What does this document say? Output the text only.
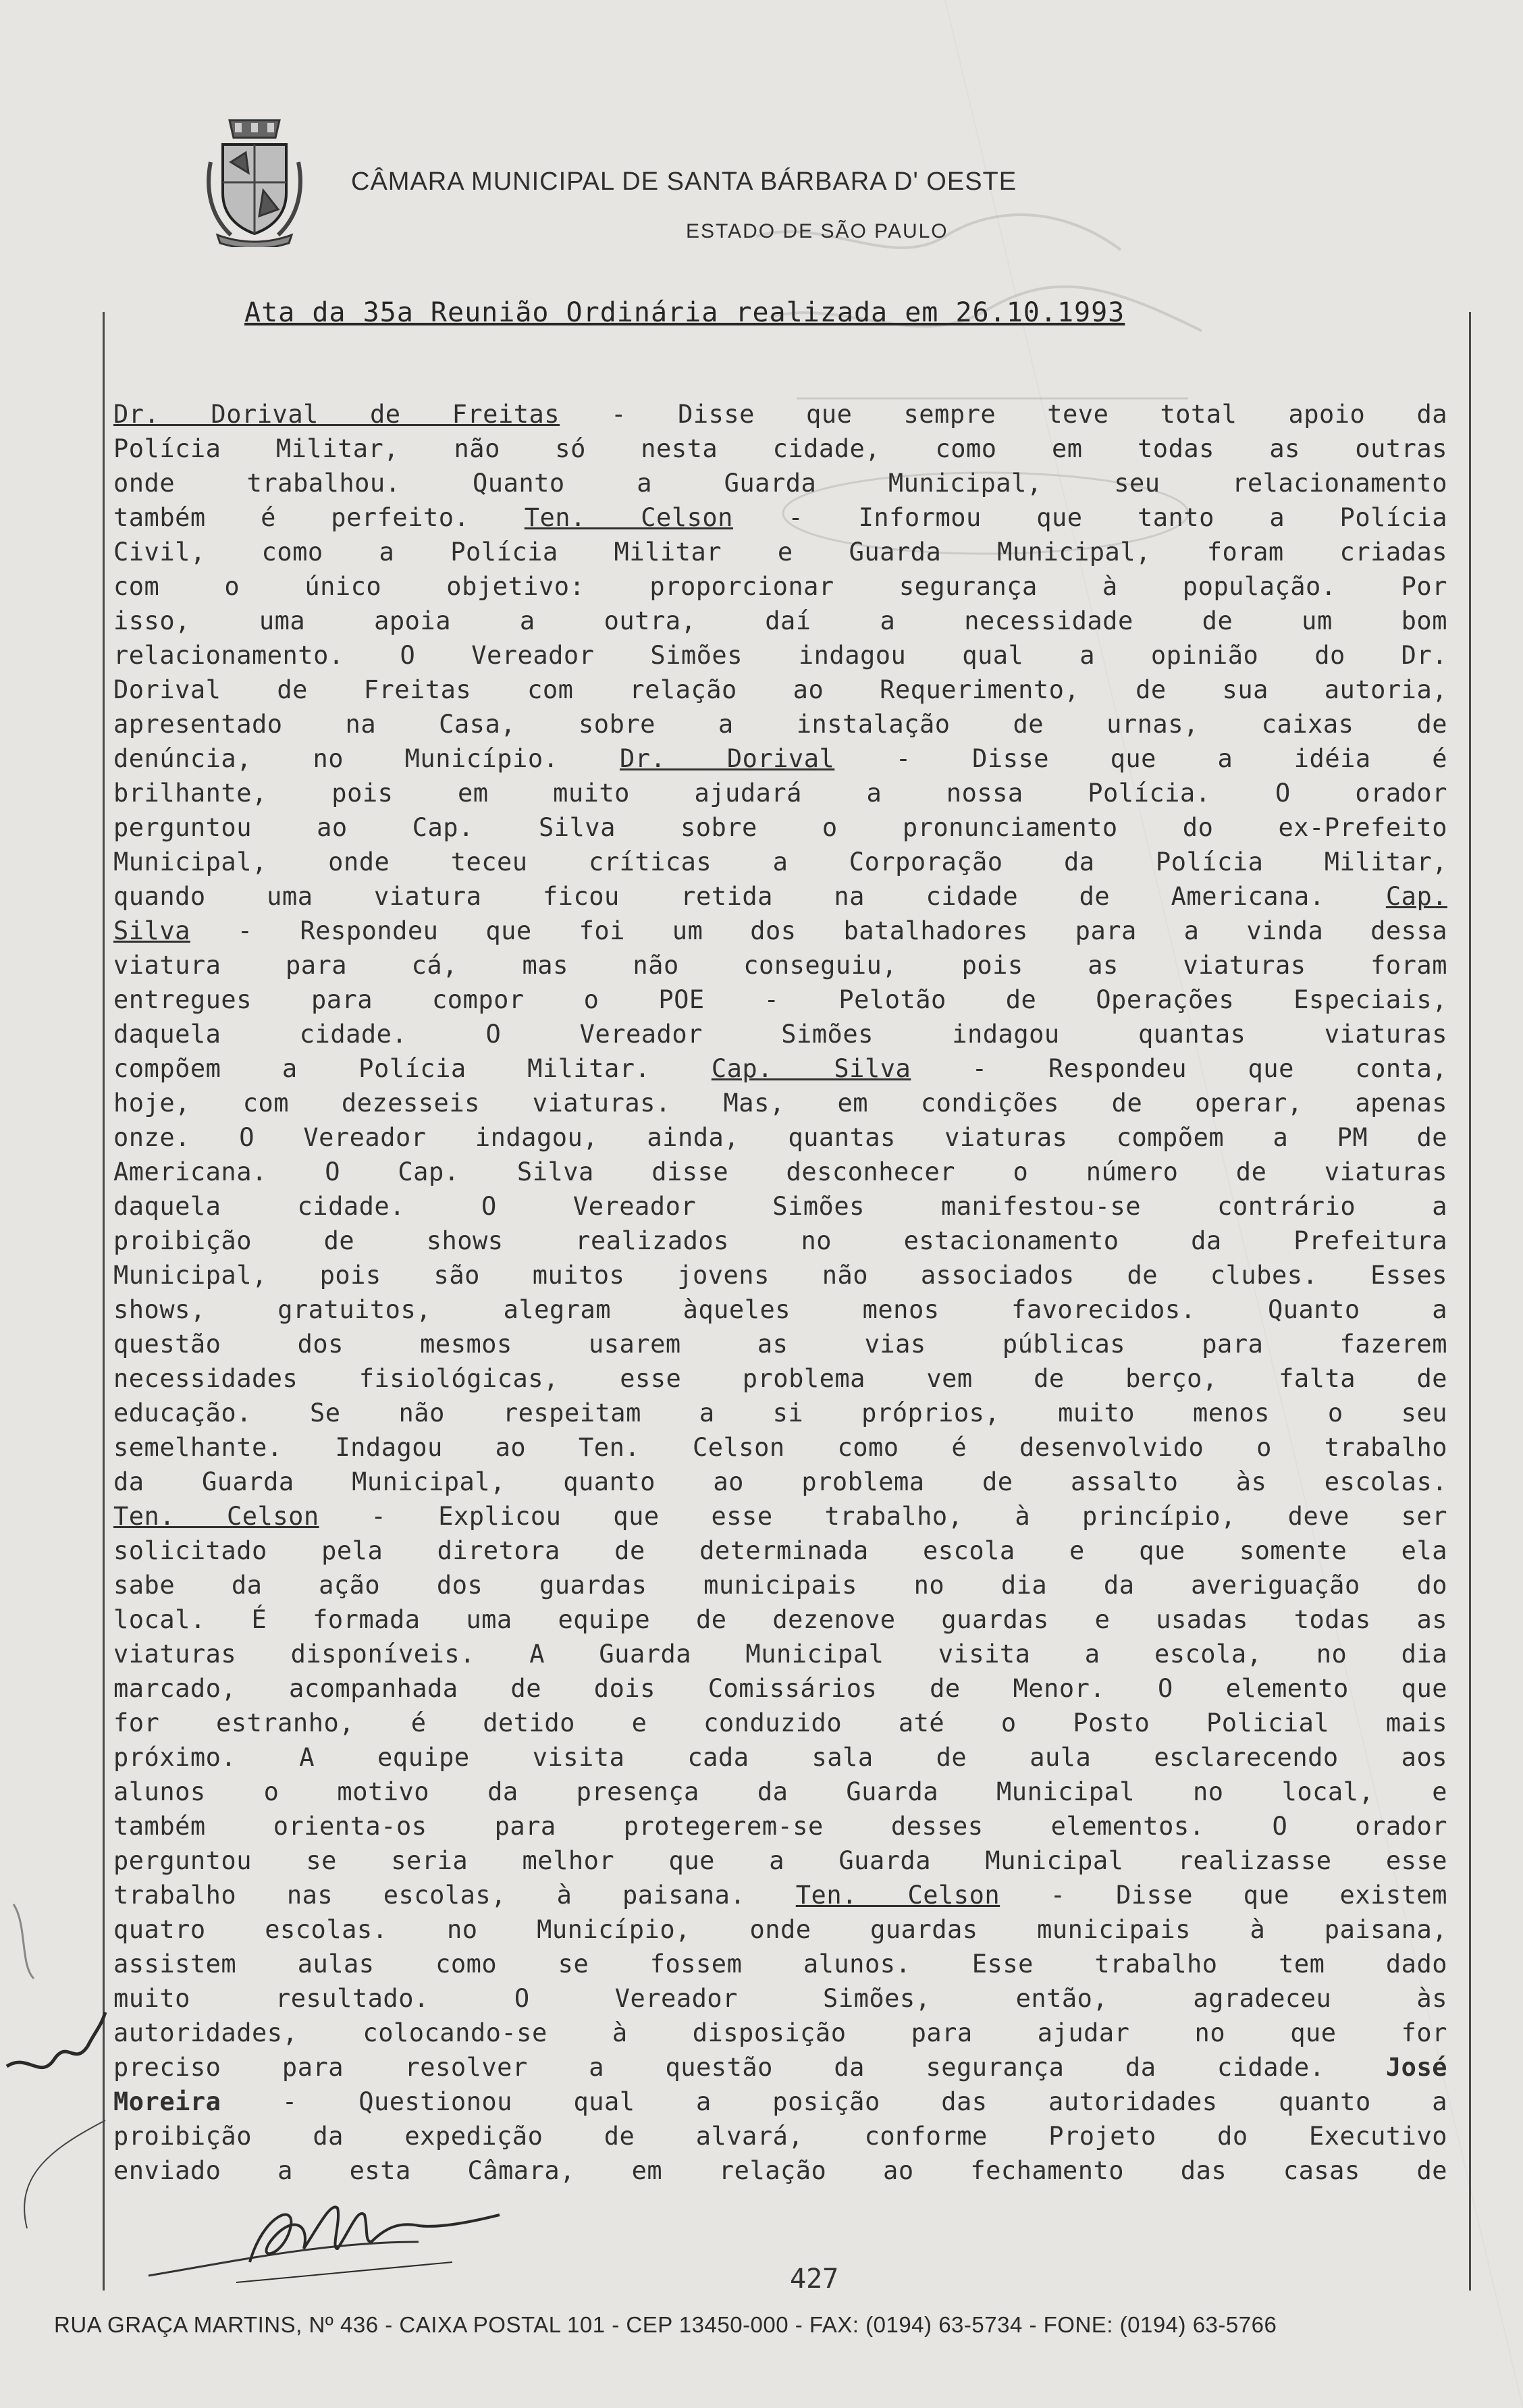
CÂMARA MUNICIPAL DE SANTA BÁRBARA D' OESTE
ESTADO DE SÃO PAULO
Ata da 35a Reunião Ordinária realizada em 26.10.1993
Dr. Dorival de Freitas - Disse que sempre teve total apoio da
Polícia Militar, não só nesta cidade, como em todas as outras
onde trabalhou. Quanto a Guarda Municipal, seu relacionamento
também é perfeito. Ten. Celson - Informou que tanto a Polícia
Civil, como a Polícia Militar e Guarda Municipal, foram criadas
com o único objetivo: proporcionar segurança à população. Por
isso, uma apoia a outra, daí a necessidade de um bom
relacionamento. O Vereador Simões indagou qual a opinião do Dr.
Dorival de Freitas com relação ao Requerimento, de sua autoria,
apresentado na Casa, sobre a instalação de urnas, caixas de
denúncia, no Município. Dr. Dorival - Disse que a idéia é
brilhante, pois em muito ajudará a nossa Polícia. O orador
perguntou ao Cap. Silva sobre o pronunciamento do ex-Prefeito
Municipal, onde teceu críticas a Corporação da Polícia Militar,
quando uma viatura ficou retida na cidade de Americana. Cap.
Silva - Respondeu que foi um dos batalhadores para a vinda dessa
viatura para cá, mas não conseguiu, pois as viaturas foram
entregues para compor o POE - Pelotão de Operações Especiais,
daquela cidade. O Vereador Simões indagou quantas viaturas
compõem a Polícia Militar. Cap. Silva - Respondeu que conta,
hoje, com dezesseis viaturas. Mas, em condições de operar, apenas
onze. O Vereador indagou, ainda, quantas viaturas compõem a PM de
Americana. O Cap. Silva disse desconhecer o número de viaturas
daquela cidade. O Vereador Simões manifestou-se contrário a
proibição de shows realizados no estacionamento da Prefeitura
Municipal, pois são muitos jovens não associados de clubes. Esses
shows, gratuitos, alegram àqueles menos favorecidos. Quanto a
questão dos mesmos usarem as vias públicas para fazerem
necessidades fisiológicas, esse problema vem de berço, falta de
educação. Se não respeitam a si próprios, muito menos o seu
semelhante. Indagou ao Ten. Celson como é desenvolvido o trabalho
da Guarda Municipal, quanto ao problema de assalto às escolas.
Ten. Celson - Explicou que esse trabalho, à princípio, deve ser
solicitado pela diretora de determinada escola e que somente ela
sabe da ação dos guardas municipais no dia da averiguação do
local. É formada uma equipe de dezenove guardas e usadas todas as
viaturas disponíveis. A Guarda Municipal visita a escola, no dia
marcado, acompanhada de dois Comissários de Menor. O elemento que
for estranho, é detido e conduzido até o Posto Policial mais
próximo. A equipe visita cada sala de aula esclarecendo aos
alunos o motivo da presença da Guarda Municipal no local, e
também orienta-os para protegerem-se desses elementos. O orador
perguntou se seria melhor que a Guarda Municipal realizasse esse
trabalho nas escolas, à paisana. Ten. Celson - Disse que existem
quatro escolas. no Município, onde guardas municipais à paisana,
assistem aulas como se fossem alunos. Esse trabalho tem dado
muito resultado. O Vereador Simões, então, agradeceu às
autoridades, colocando-se à disposição para ajudar no que for
preciso para resolver a questão da segurança da cidade. José
Moreira - Questionou qual a posição das autoridades quanto a
proibição da expedição de alvará, conforme Projeto do Executivo
enviado a esta Câmara, em relação ao fechamento das casas de
427
RUA GRAÇA MARTINS, Nº 436 - CAIXA POSTAL 101 - CEP 13450-000 - FAX: (0194) 63-5734 - FONE: (0194) 63-5766
